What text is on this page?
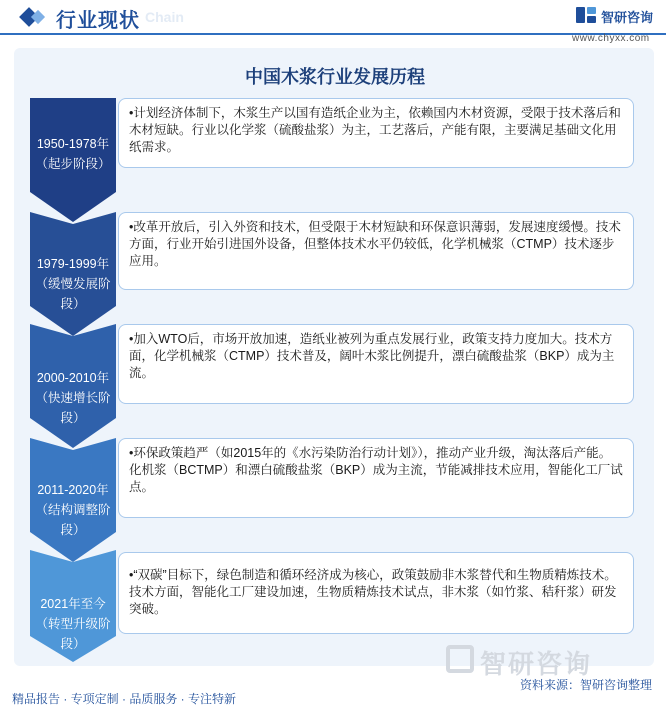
行业现状 Chain	智研咨询
www.chyxx.com
中国木浆行业发展历程
1950-1978年
（起步阶段）
•计划经济体制下，木浆生产以国有造纸企业为主，依赖国内木材资源，受限于技术落后和木材短缺。行业以化学浆（硫酸盐浆）为主，工艺落后，产能有限，主要满足基础文化用纸需求。
1979-1999年
（缓慢发展阶段）
•改革开放后，引入外资和技术，但受限于木材短缺和环保意识薄弱，发展速度缓慢。技术方面，行业开始引进国外设备，但整体技术水平仍较低，化学机械浆（CTMP）技术逐步应用。
2000-2010年
（快速增长阶段）
•加入WTO后，市场开放加速，造纸业被列为重点发展行业，政策支持力度加大。技术方面，化学机械浆（CTMP）技术普及，阔叶木浆比例提升，漂白硫酸盐浆（BKP）成为主流。
2011-2020年
（结构调整阶段）
•环保政策趋严（如2015年的《水污染防治行动计划》），推动产业升级，淘汰落后产能。化机浆（BCTMP）和漂白硫酸盐浆（BKP）成为主流，节能减排技术应用，智能化工厂试点。
2021年至今
（转型升级阶段）
•“双碳”目标下，绿色制造和循环经济成为核心，政策鼓励非木浆替代和生物质精炼技术。技术方面，智能化工厂建设加速，生物质精炼技术试点，非木浆（如竹浆、秸秆浆）研发突破。
智研咨询
资料来源：智研咨询整理
精品报告 · 专项定制 · 品质服务 · 专注特新
